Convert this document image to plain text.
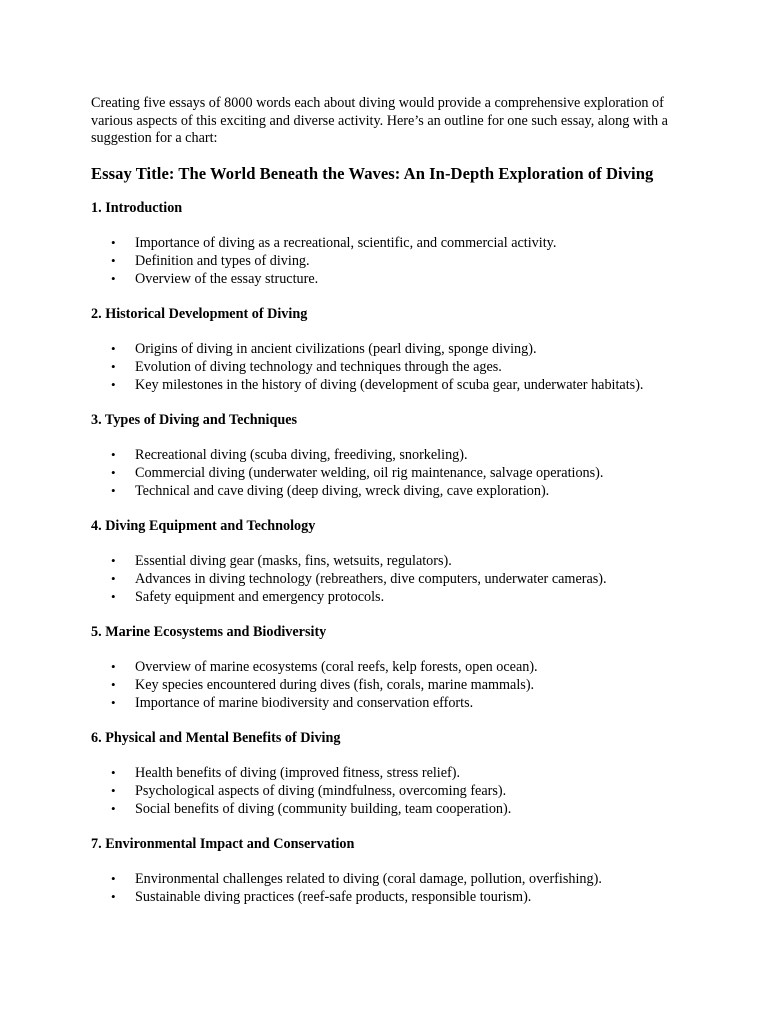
Creating five essays of 8000 words each about diving would provide a comprehensive exploration of various aspects of this exciting and diverse activity. Here’s an outline for one such essay, along with a suggestion for a chart:

Essay Title: The World Beneath the Waves: An In-Depth Exploration of Diving
1. Introduction
• Importance of diving as a recreational, scientific, and commercial activity.
• Definition and types of diving.
• Overview of the essay structure.
2. Historical Development of Diving
• Origins of diving in ancient civilizations (pearl diving, sponge diving).
• Evolution of diving technology and techniques through the ages.
• Key milestones in the history of diving (development of scuba gear, underwater habitats).
3. Types of Diving and Techniques
• Recreational diving (scuba diving, freediving, snorkeling).
• Commercial diving (underwater welding, oil rig maintenance, salvage operations).
• Technical and cave diving (deep diving, wreck diving, cave exploration).
4. Diving Equipment and Technology
• Essential diving gear (masks, fins, wetsuits, regulators).
• Advances in diving technology (rebreathers, dive computers, underwater cameras).
• Safety equipment and emergency protocols.
5. Marine Ecosystems and Biodiversity
• Overview of marine ecosystems (coral reefs, kelp forests, open ocean).
• Key species encountered during dives (fish, corals, marine mammals).
• Importance of marine biodiversity and conservation efforts.
6. Physical and Mental Benefits of Diving
• Health benefits of diving (improved fitness, stress relief).
• Psychological aspects of diving (mindfulness, overcoming fears).
• Social benefits of diving (community building, team cooperation).
7. Environmental Impact and Conservation
• Environmental challenges related to diving (coral damage, pollution, overfishing).
• Sustainable diving practices (reef-safe products, responsible tourism).
